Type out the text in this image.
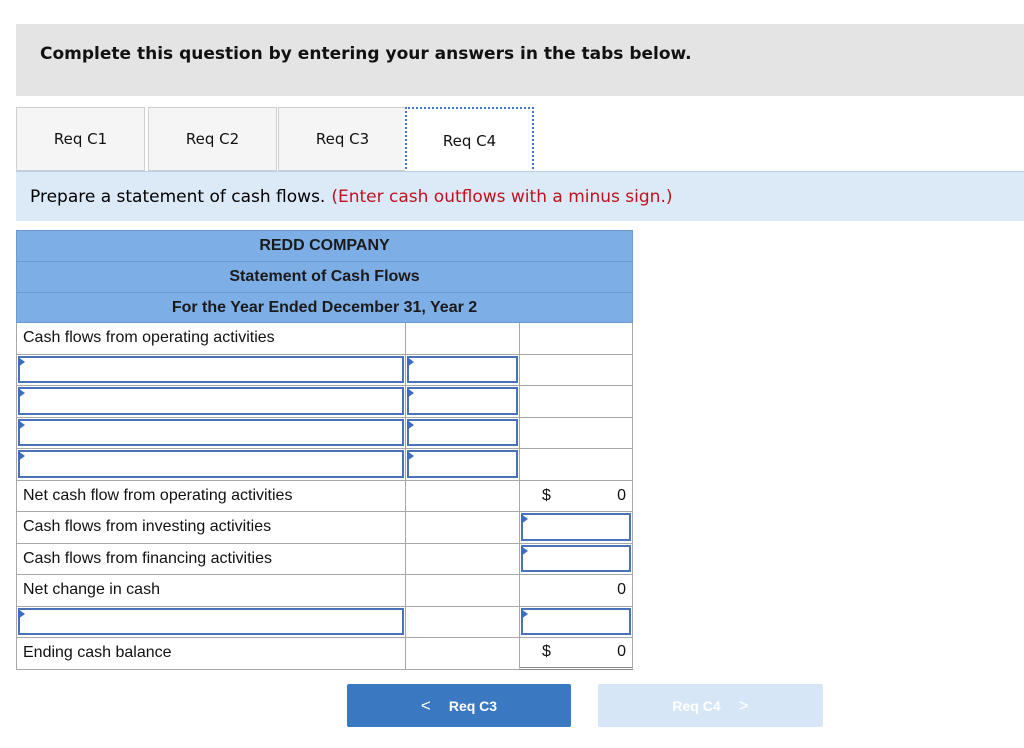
Complete this question by entering your answers in the tabs below.
Req C1	Req C2	Req C3	Req C4
Prepare a statement of cash flows. (Enter cash outflows with a minus sign.)
REDD COMPANY
Statement of Cash Flows
For the Year Ended December 31, Year 2
Cash flows from operating activities
Net cash flow from operating activities	$	0
Cash flows from investing activities
Cash flows from financing activities
Net change in cash	0
Ending cash balance	$	0
< Req C3	Req C4 >
